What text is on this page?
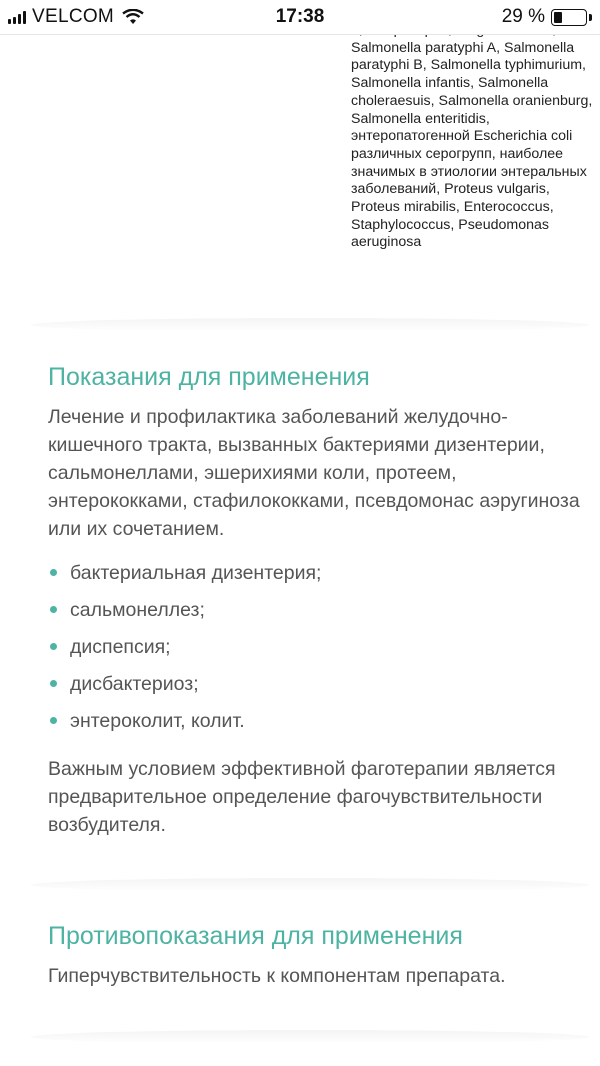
VELCOM	17:38	29 %
Salmonella paratyphi A, Salmonella paratyphi B, Salmonella typhimurium, Salmonella infantis, Salmonella choleraesuis, Salmonella oranienburg, Salmonella enteritidis, энтеропатогенной Escherichia coli различных серогрупп, наиболее значимых в этиологии энтеральных заболеваний, Proteus vulgaris, Proteus mirabilis, Enterococcus, Staphylococcus, Pseudomonas aeruginosa
Показания для применения

Лечение и профилактика заболеваний желудочно-кишечного тракта, вызванных бактериями дизентерии, сальмонеллами, эшерихиями коли, протеем, энтерококками, стафилококками, псевдомонас аэругиноза или их сочетанием.

бактериальная дизентерия;
сальмонеллез;
диспепсия;
дисбактериоз;
энтероколит, колит.

Важным условием эффективной фаготерапии является предварительное определение фагочувствительности возбудителя.

Противопоказания для применения

Гиперчувствительность к компонентам препарата.
